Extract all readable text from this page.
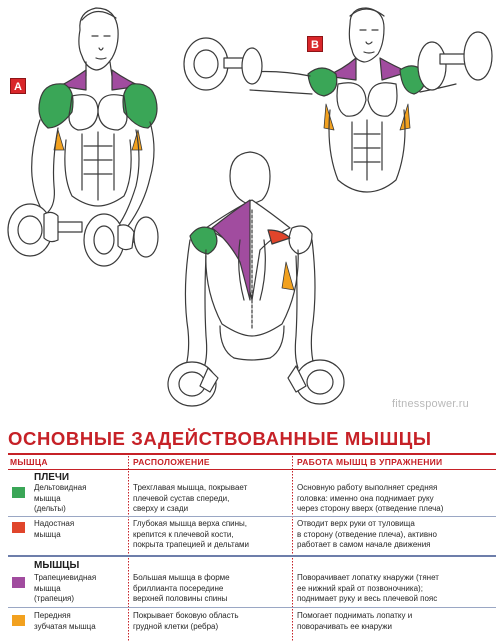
A
B
fitnesspower.ru
ОСНОВНЫЕ ЗАДЕЙСТВОВАННЫЕ МЫШЦЫ
МЫШЦА	РАСПОЛОЖЕНИЕ	РАБОТА МЫШЦ В УПРАЖНЕНИИ
ПЛЕЧИ
Дельтовидная
мышца
(дельты)
Трехглавая мышца, покрывает
плечевой сустав спереди,
сверху и сзади
Основную работу выполняет средняя
головка: именно она поднимает руку
через сторону вверх (отведение плеча)
Надостная
мышца
Глубокая мышца верха спины,
крепится к плечевой кости,
покрыта трапецией и дельтами
Отводит верх руки от туловища
в сторону (отведение плеча), активно
работает в самом начале движения
МЫШЦЫ
Трапециевидная
мышца
(трапеция)
Большая мышца в форме
бриллианта посередине
верхней половины спины
Поворачивает лопатку кнаружи (тянет
ее нижний край от позвоночника);
поднимает руку и весь плечевой пояс
Передняя
зубчатая мышца
Покрывает боковую область
грудной клетки (ребра)
Помогает поднимать лопатку и
поворачивать ее кнаружи
